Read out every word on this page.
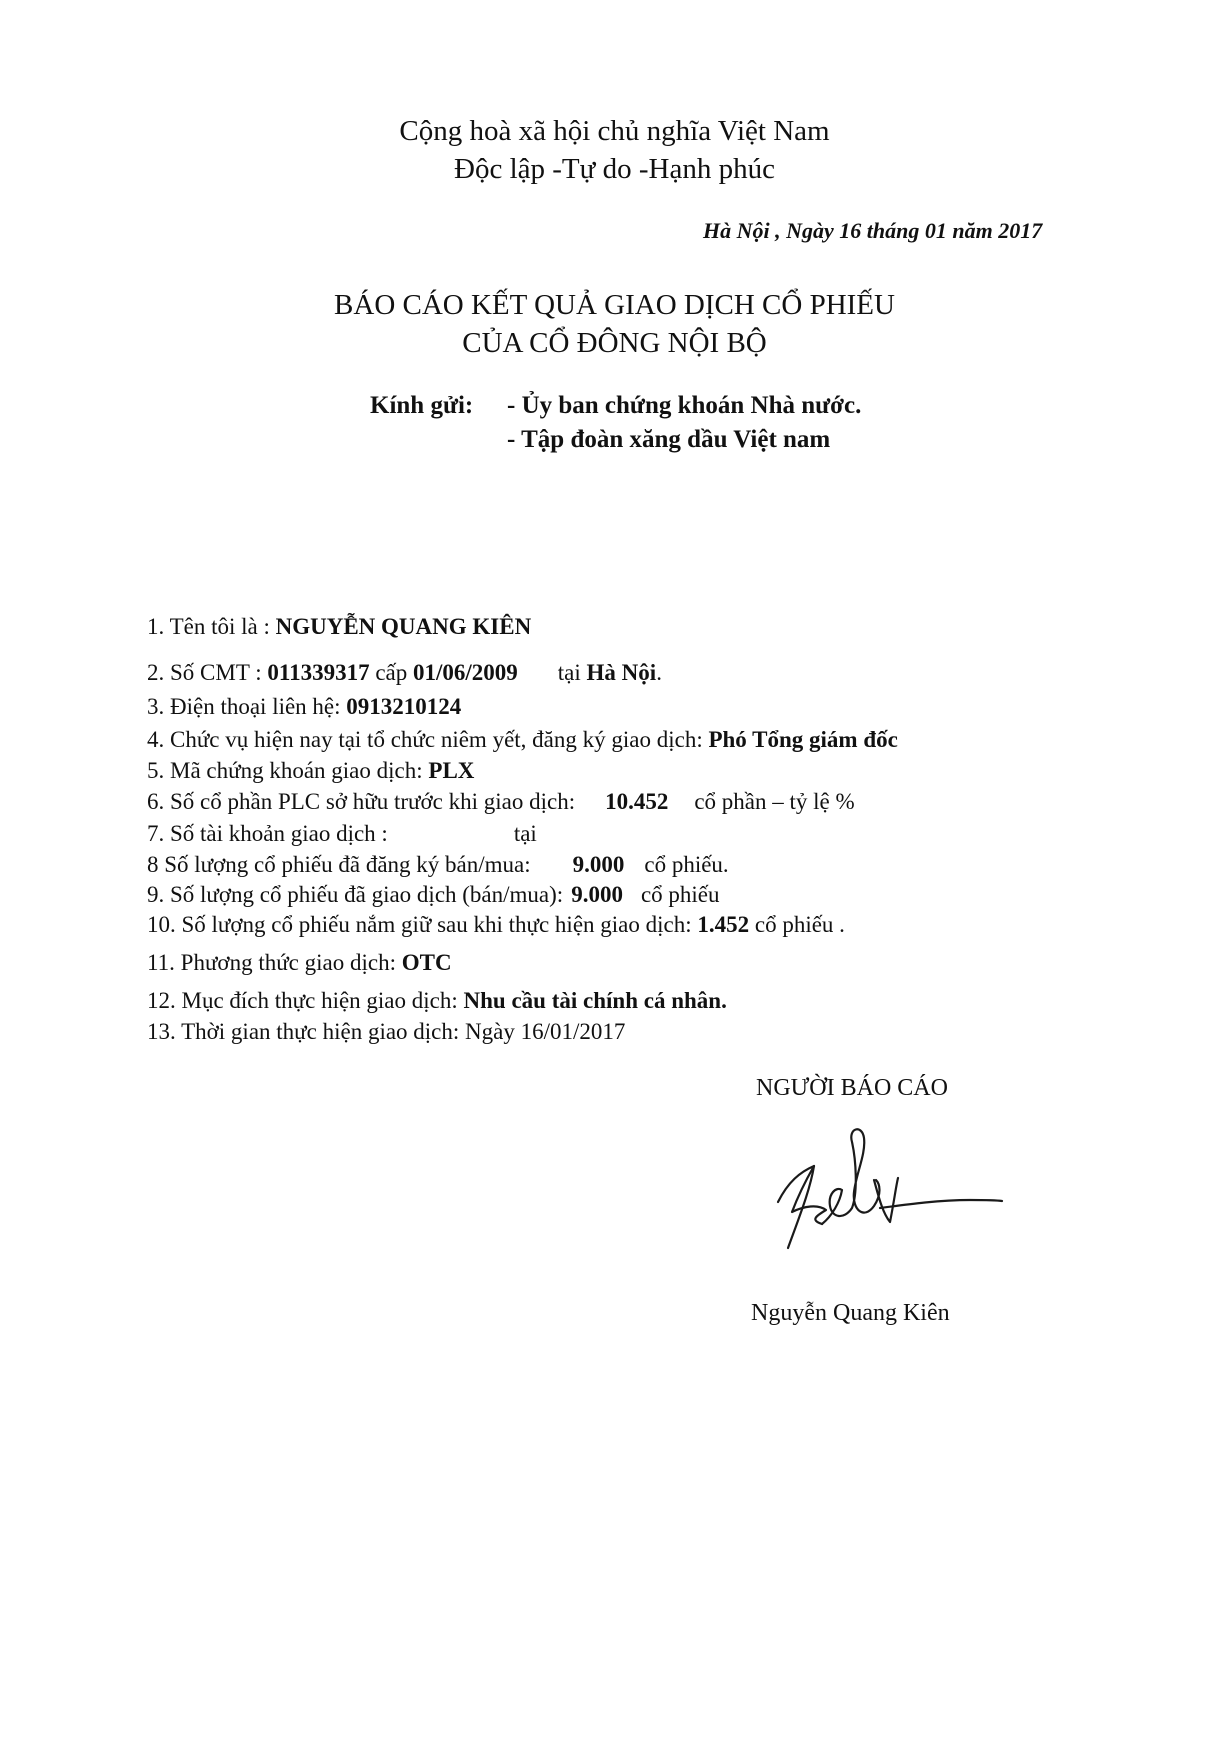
Cộng hoà xã hội chủ nghĩa Việt Nam
Độc lập -Tự do -Hạnh phúc
Hà Nội , Ngày 16 tháng 01 năm 2017
BÁO CÁO KẾT QUẢ GIAO DỊCH CỔ PHIẾU
CỦA CỔ ĐÔNG NỘI BỘ
Kính gửi: - Ủy ban chứng khoán Nhà nước.
- Tập đoàn xăng dầu Việt nam
1. Tên tôi là : NGUYỄN QUANG KIÊN
2. Số CMT : 011339317 cấp 01/06/2009 tại Hà Nội.
3. Điện thoại liên hệ: 0913210124
4. Chức vụ hiện nay tại tổ chức niêm yết, đăng ký giao dịch: Phó Tổng giám đốc
5. Mã chứng khoán giao dịch: PLX
6. Số cổ phần PLC sở hữu trước khi giao dịch: 10.452 cổ phần – tỷ lệ %
7. Số tài khoản giao dịch :	tại
8 Số lượng cổ phiếu đã đăng ký bán/mua: 9.000 cổ phiếu.
9. Số lượng cổ phiếu đã giao dịch (bán/mua): 9.000 cổ phiếu
10. Số lượng cổ phiếu nắm giữ sau khi thực hiện giao dịch: 1.452 cổ phiếu .
11. Phương thức giao dịch: OTC
12. Mục đích thực hiện giao dịch: Nhu cầu tài chính cá nhân.
13. Thời gian thực hiện giao dịch: Ngày 16/01/2017
NGƯỜI BÁO CÁO
Nguyễn Quang Kiên
